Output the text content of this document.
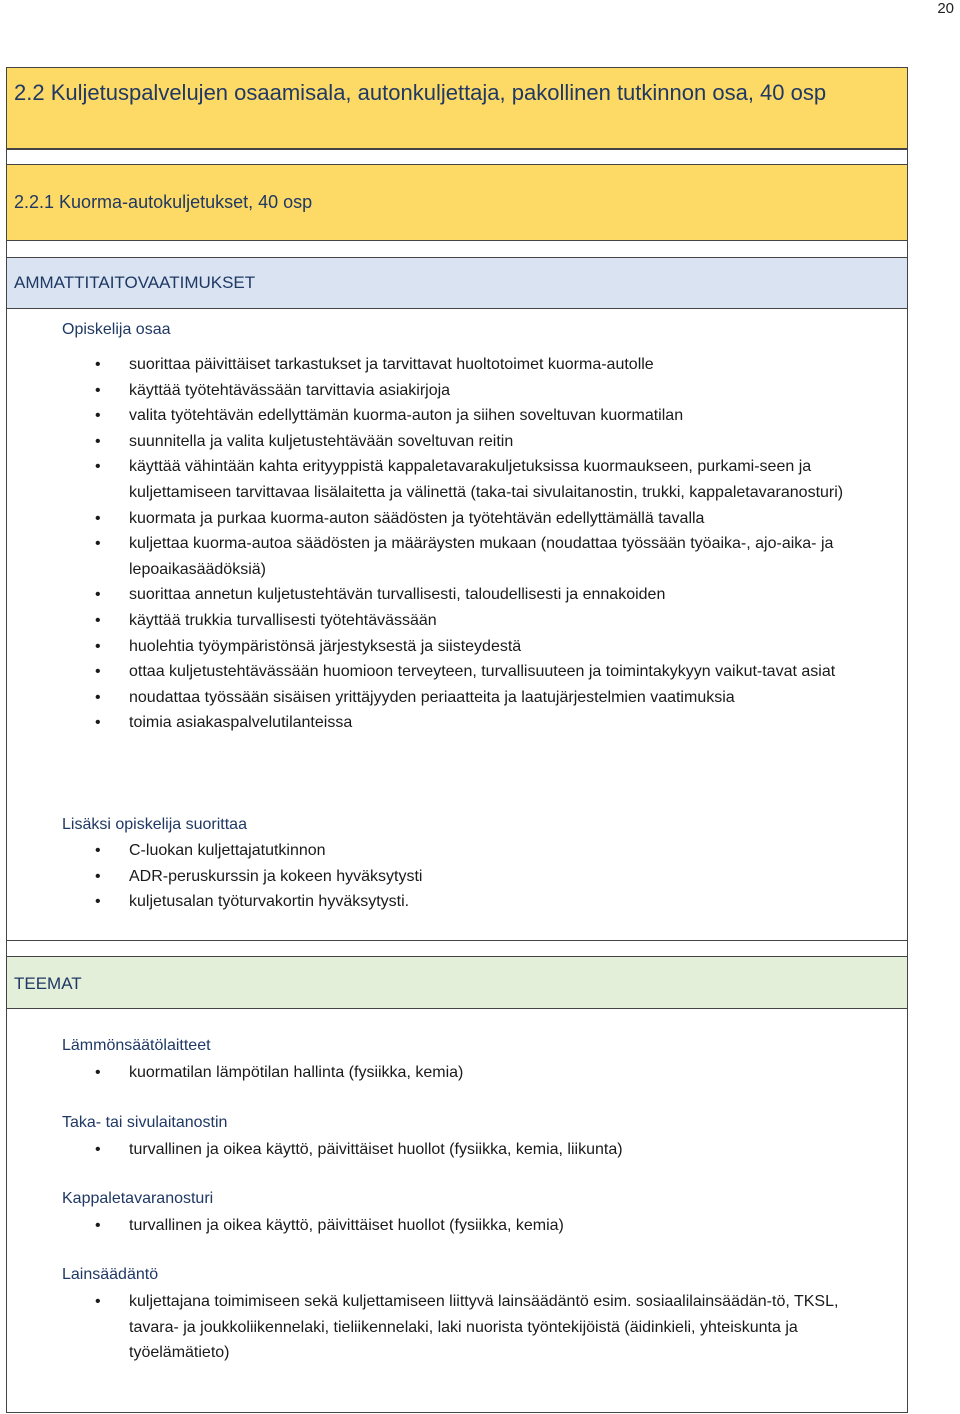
20
2.2 Kuljetuspalvelujen osaamisala, autonkuljettaja, pakollinen tutkinnon osa, 40 osp
2.2.1 Kuorma-autokuljetukset, 40 osp
AMMATTITAITOVAATIMUKSET
Opiskelija osaa
• suorittaa päivittäiset tarkastukset ja tarvittavat huoltotoimet kuorma-autolle
• käyttää työtehtävässään tarvittavia asiakirjoja
• valita työtehtävän edellyttämän kuorma-auton ja siihen soveltuvan kuormatilan
• suunnitella ja valita kuljetustehtävään soveltuvan reitin
• käyttää vähintään kahta erityyppistä kappaletavarakuljetuksissa kuormaukseen, purkami-seen ja kuljettamiseen tarvittavaa lisälaitetta ja välinettä (taka-tai sivulaitanostin, trukki, kappaletavaranosturi)
• kuormata ja purkaa kuorma-auton säädösten ja työtehtävän edellyttämällä tavalla
• kuljettaa kuorma-autoa säädösten ja määräysten mukaan (noudattaa työssään työaika-, ajo-aika- ja lepoaikasäädöksiä)
• suorittaa annetun kuljetustehtävän turvallisesti, taloudellisesti ja ennakoiden
• käyttää trukkia turvallisesti työtehtävässään
• huolehtia työympäristönsä järjestyksestä ja siisteydestä
• ottaa kuljetustehtävässään huomioon terveyteen, turvallisuuteen ja toimintakykyyn vaikut-tavat asiat
• noudattaa työssään sisäisen yrittäjyyden periaatteita ja laatujärjestelmien vaatimuksia
• toimia asiakaspalvelutilanteissa
Lisäksi opiskelija suorittaa
• C-luokan kuljettajatutkinnon
• ADR-peruskurssin ja kokeen hyväksytysti
• kuljetusalan työturvakortin hyväksytysti.
TEEMAT
Lämmönsäätölaitteet
• kuormatilan lämpötilan hallinta (fysiikka, kemia)
Taka- tai sivulaitanostin
• turvallinen ja oikea käyttö, päivittäiset huollot (fysiikka, kemia, liikunta)
Kappaletavaranosturi
• turvallinen ja oikea käyttö, päivittäiset huollot (fysiikka, kemia)
Lainsäädäntö
• kuljettajana toimimiseen sekä kuljettamiseen liittyvä lainsäädäntö esim. sosiaalilainsäädän-tö, TKSL, tavara- ja joukkoliikennelaki, tieliikennelaki, laki nuorista työntekijöistä (äidinkieli, yhteiskunta ja työelämätieto)
